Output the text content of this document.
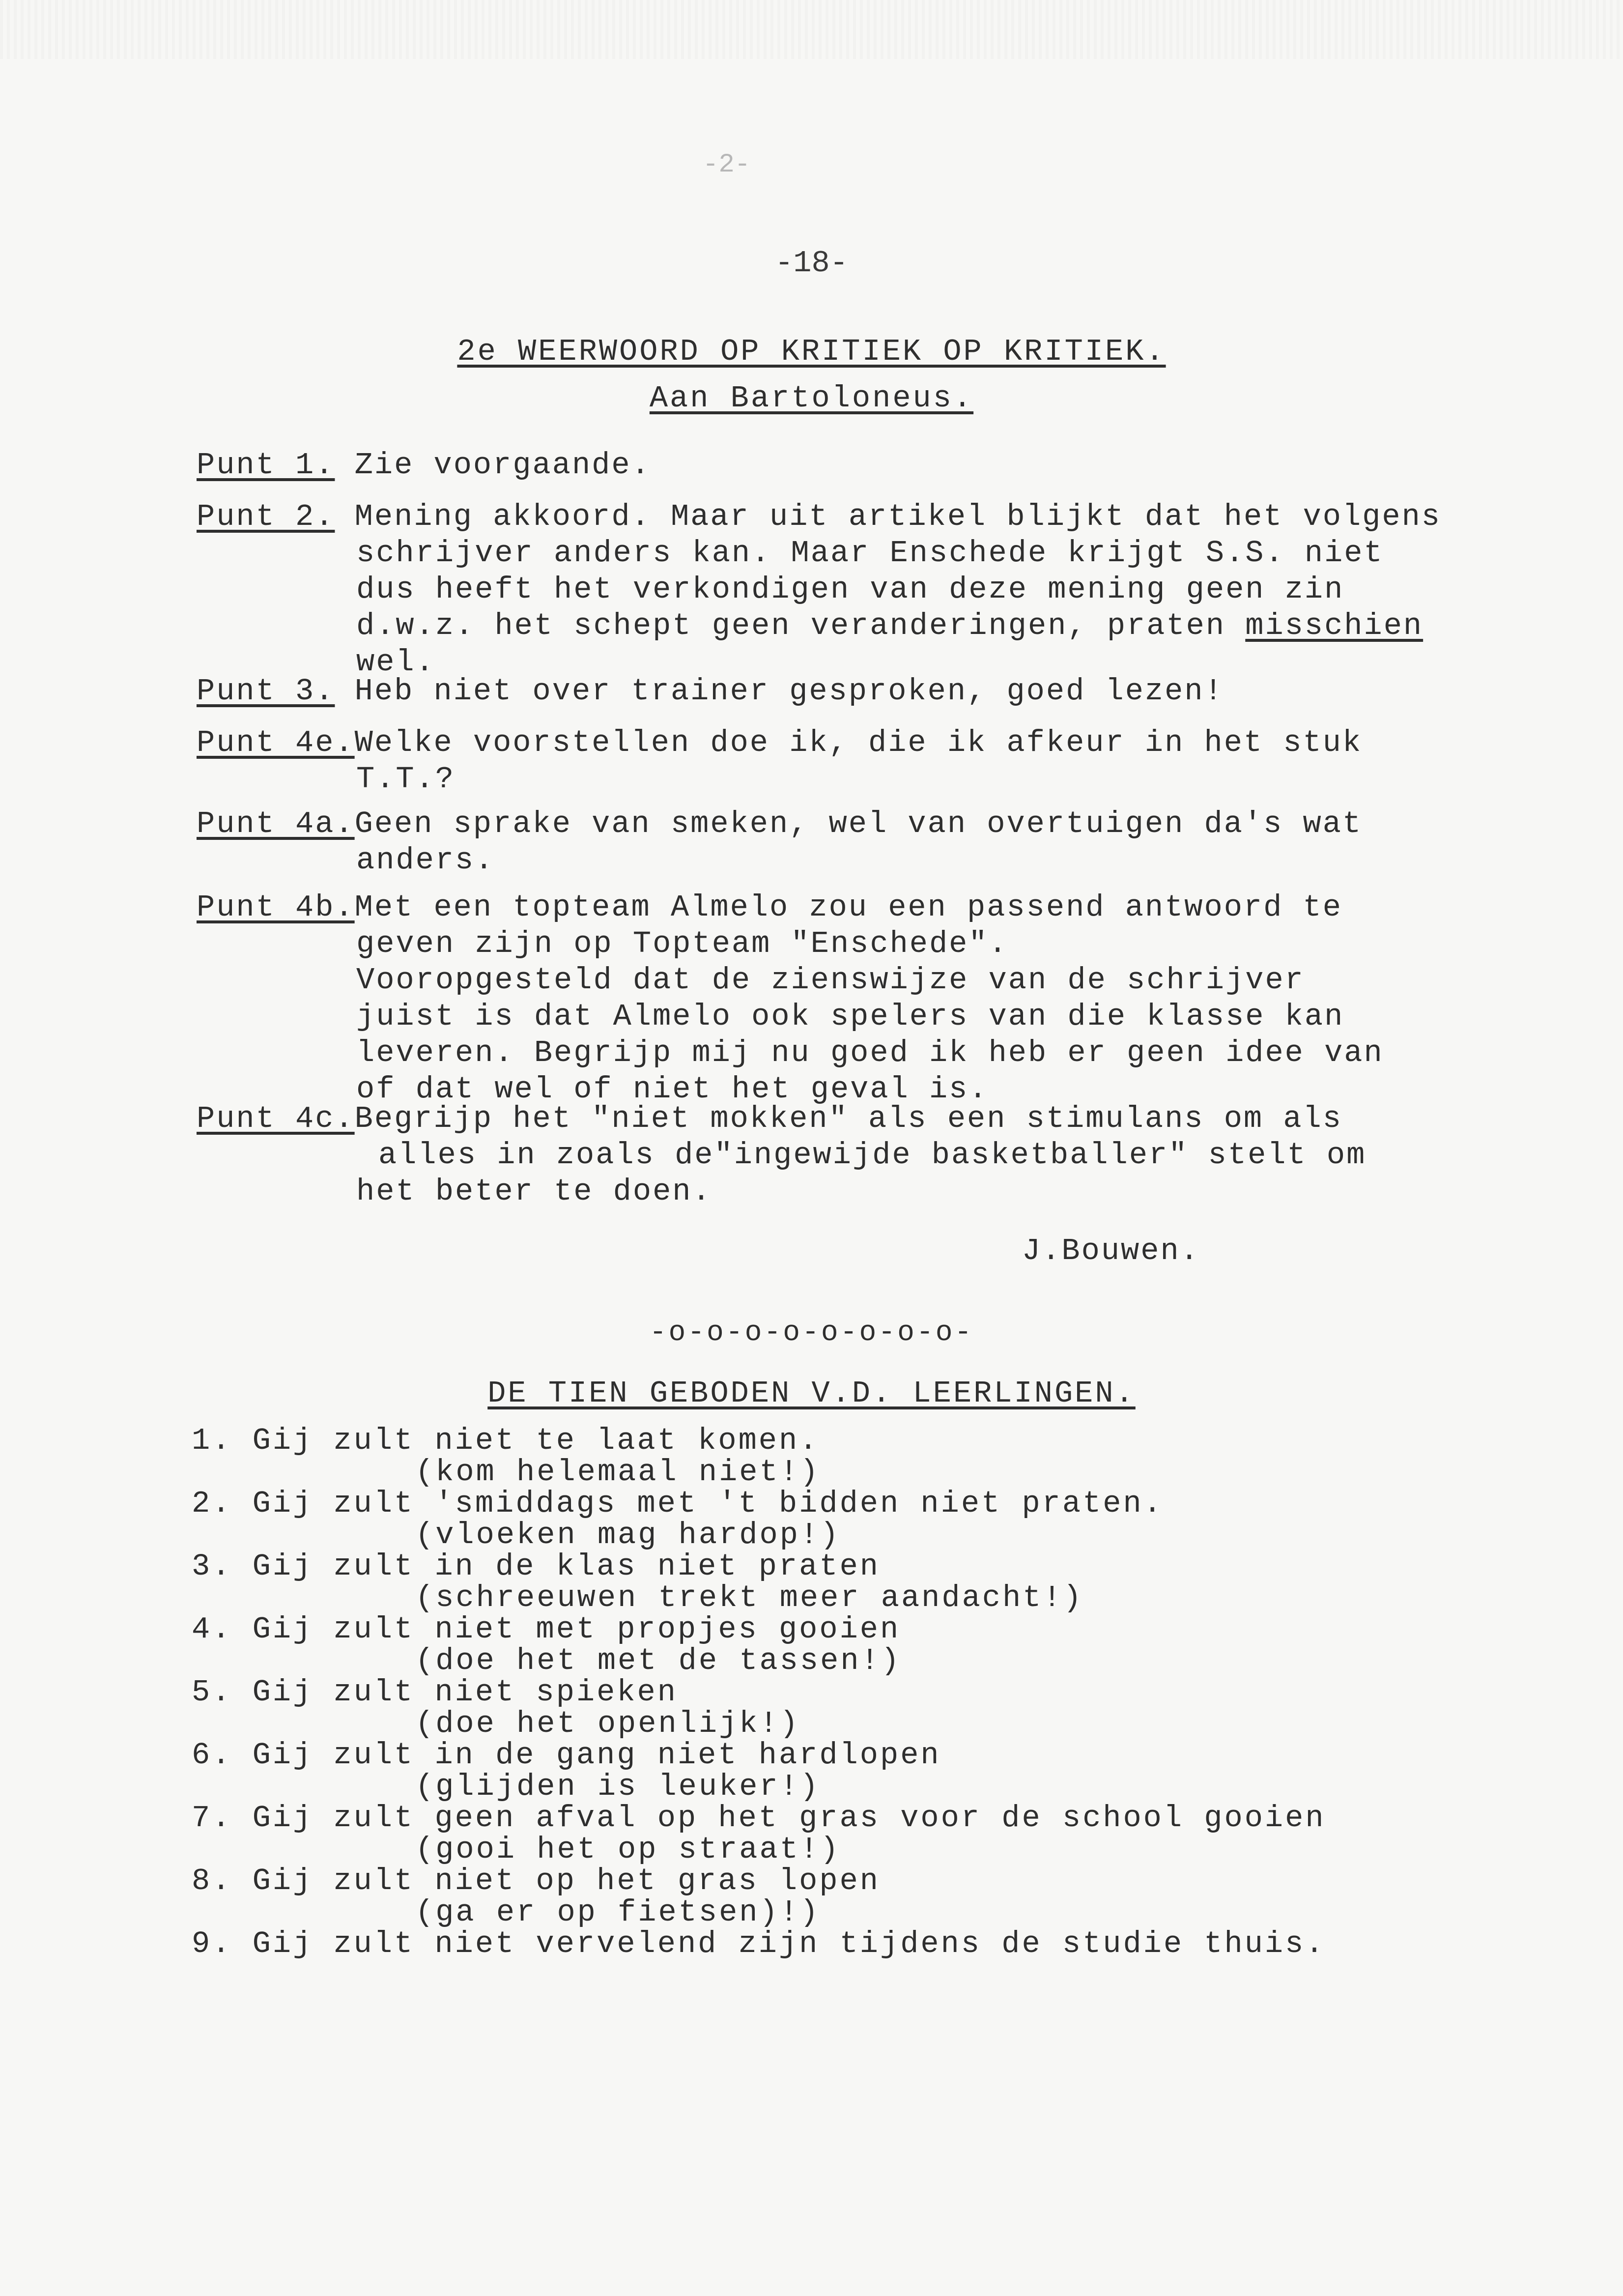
-2-
-18-
2e WEERWOORD OP KRITIEK OP KRITIEK.
Aan Bartoloneus.
Punt 1. Zie voorgaande.
Punt 2. Mening akkoord. Maar uit artikel blijkt dat het volgens
schrijver anders kan. Maar Enschede krijgt S.S. niet
dus heeft het verkondigen van deze mening geen zin
d.w.z. het schept geen veranderingen, praten misschien
wel.
Punt 3. Heb niet over trainer gesproken, goed lezen!
Punt 4e.Welke voorstellen doe ik, die ik afkeur in het stuk
T.T.?
Punt 4a.Geen sprake van smeken, wel van overtuigen da's wat
anders.
Punt 4b.Met een topteam Almelo zou een passend antwoord te
geven zijn op Topteam "Enschede".
Vooropgesteld dat de zienswijze van de schrijver
juist is dat Almelo ook spelers van die klasse kan
leveren. Begrijp mij nu goed ik heb er geen idee van
of dat wel of niet het geval is.
Punt 4c.Begrijp het "niet mokken" als een stimulans om als
alles in zoals de"ingewijde basketballer" stelt om
het beter te doen.
J.Bouwen.
-o-o-o-o-o-o-o-o-
DE TIEN GEBODEN V.D. LEERLINGEN.
1. Gij zult niet te laat komen.
(kom helemaal niet!)
2. Gij zult 'smiddags met 't bidden niet praten.
(vloeken mag hardop!)
3. Gij zult in de klas niet praten
(schreeuwen trekt meer aandacht!)
4. Gij zult niet met propjes gooien
(doe het met de tassen!)
5. Gij zult niet spieken
(doe het openlijk!)
6. Gij zult in de gang niet hardlopen
(glijden is leuker!)
7. Gij zult geen afval op het gras voor de school gooien
(gooi het op straat!)
8. Gij zult niet op het gras lopen
(ga er op fietsen)!)
9. Gij zult niet vervelend zijn tijdens de studie thuis.
